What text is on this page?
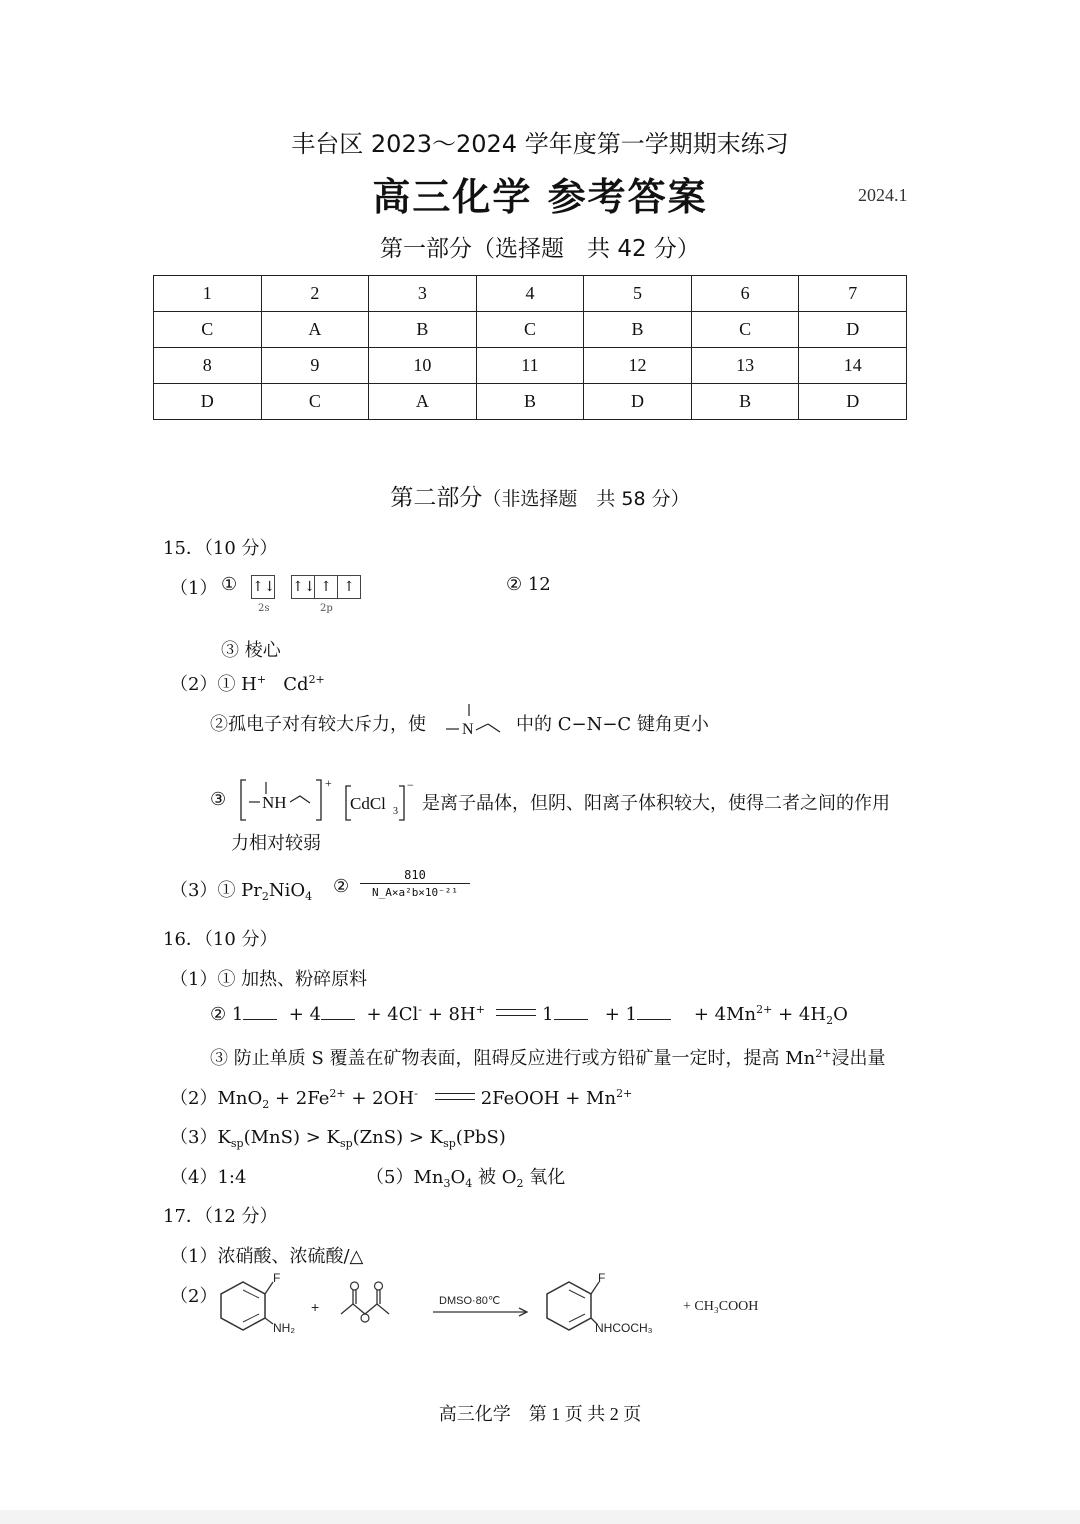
丰台区 2023～2024 学年度第一学期期末练习
高三化学 参考答案	2024.1
第一部分（选择题　共 42 分）
1	2	3	4	5	6	7
C	A	B	C	B	C	D
8	9	10	11	12	13	14
D	C	A	B	D	B	D
第二部分（非选择题　共 58 分）
15．（10 分）
（1） ① ↑↓ ↑↓ ↑ ↑
2s	2p
② 12
③ 棱心
（2）① H+ $Cd^{2+}$
②孤电子对有较大斥力，使 N 中的 C−N−C 键角更小
③ NH
+
CdCl 3
−
是离子晶体，但阴、阳离子体积较大，使得二者之间的作用
力相对较弱
（3）① $Pr_2NiO_4$ ② $\frac{810}{\text{N\_A×a²b×10⁻²¹}}$
16．（10 分）
（1）① 加热、粉碎原料
② 1	+ 4	+ 4Cl- + 8H+	1	+ 1	+ $4Mn^{2+} + 4H_2O$
③ 防止单质 S 覆盖在矿物表面，阻碍反应进行或方铅矿量一定时，提高 $Mn^{2+}$浸出量
$(2)MnO_2 + 2Fe^{2+} + 2OH^-$	2FeOOH + $Mn^{2+}$
$(3)K_{sp}(MnS) > K_{sp}(ZnS) > K_{sp}(PbS)$
（4）1:4	$(5)Mn_3O_4$ 被 $O_2$ 氧化
17．（12 分）
（1）浓硝酸、浓硫酸/△
（2）
F
NH₂
+	DMSO·80℃
F
NHCOCH₃
+ CH₃COOH
高三化学　第 1 页 共 2 页
